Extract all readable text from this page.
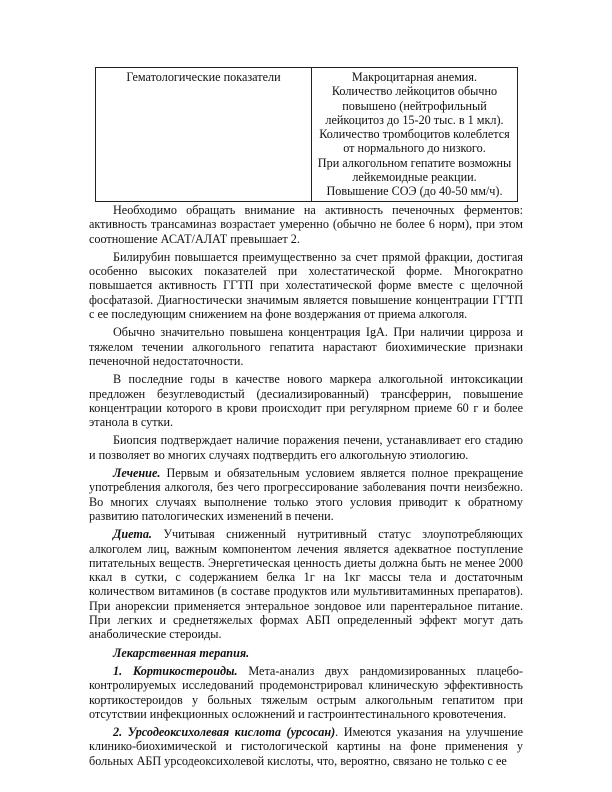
Гематологические показатели	Макроцитарная анемия.
Количество лейкоцитов обычно
повышено (нейтрофильный
лейкоцитоз до 15-20 тыс. в 1 мкл).
Количество тромбоцитов колеблется
от нормального до низкого.
При алкогольном гепатите возможны
лейкемоидные реакции.
Повышение СОЭ (до 40-50 мм/ч).

Необходимо обращать внимание на активность печеночных ферментов: активность трансаминаз возрастает умеренно (обычно не более 6 норм), при этом соотношение АСАТ/АЛАТ превышает 2.

Билирубин повышается преимущественно за счет прямой фракции, достигая особенно высоких показателей при холестатической форме. Многократно повышается активность ГГТП при холестатической форме вместе с щелочной фосфатазой. Диагностически значимым является повышение концентрации ГГТП с ее последующим снижением на фоне воздержания от приема алкоголя.

Обычно значительно повышена концентрация IgA. При наличии цирроза и тяжелом течении алкогольного гепатита нарастают биохимические признаки печеночной недостаточности.

В последние годы в качестве нового маркера алкогольной интоксикации предложен безуглеводистый (десиализированный) трансферрин, повышение концентрации которого в крови происходит при регулярном приеме 60 г и более этанола в сутки.

Биопсия подтверждает наличие поражения печени, устанавливает его стадию и позволяет во многих случаях подтвердить его алкогольную этиологию.

Лечение. Первым и обязательным условием является полное прекращение употребления алкоголя, без чего прогрессирование заболевания почти неизбежно. Во многих случаях выполнение только этого условия приводит к обратному развитию патологических изменений в печени.

Диета. Учитывая сниженный нутритивный статус злоупотребляющих алкоголем лиц, важным компонентом лечения является адекватное поступление питательных веществ. Энергетическая ценность диеты должна быть не менее 2000 ккал в сутки, с содержанием белка 1г на 1кг массы тела и достаточным количеством витаминов (в составе продуктов или мультивитаминных препаратов). При анорексии применяется энтеральное зондовое или парентеральное питание. При легких и среднетяжелых формах АБП определенный эффект могут дать анаболические стероиды.

Лекарственная терапия.

1. Кортикостероиды. Мета-анализ двух рандомизированных плацебо-контролируемых исследований продемонстрировал клиническую эффективность кортикостероидов у больных тяжелым острым алкогольным гепатитом при отсутствии инфекционных осложнений и гастроинтестинального кровотечения.

2. Урсодеоксихолевая кислота (урсосан). Имеются указания на улучшение клинико-биохимической и гистологической картины на фоне применения у больных АБП урсодеоксихолевой кислоты, что, вероятно, связано не только с ее
